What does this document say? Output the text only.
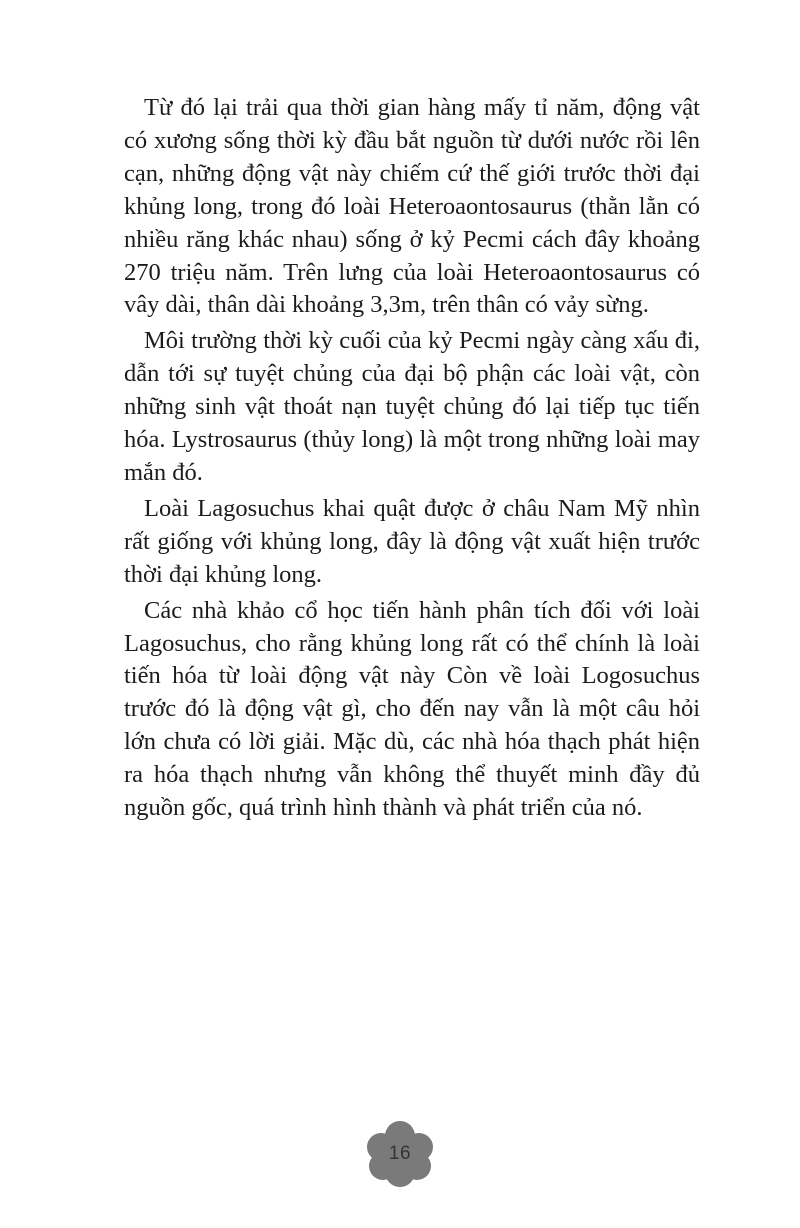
Từ đó lại trải qua thời gian hàng mấy tỉ năm, động vật có xương sống thời kỳ đầu bắt nguồn từ dưới nước rồi lên cạn, những động vật này chiếm cứ thế giới trước thời đại khủng long, trong đó loài Heteroaontosaurus (thằn lằn có nhiều răng khác nhau) sống ở kỷ Pecmi cách đây khoảng 270 triệu năm. Trên lưng của loài Heteroaontosaurus có vây dài, thân dài khoảng 3,3m, trên thân có vảy sừng.

Môi trường thời kỳ cuối của kỷ Pecmi ngày càng xấu đi, dẫn tới sự tuyệt chủng của đại bộ phận các loài vật, còn những sinh vật thoát nạn tuyệt chủng đó lại tiếp tục tiến hóa. Lystrosaurus (thủy long) là một trong những loài may mắn đó.

Loài Lagosuchus khai quật được ở châu Nam Mỹ nhìn rất giống với khủng long, đây là động vật xuất hiện trước thời đại khủng long.

Các nhà khảo cổ học tiến hành phân tích đối với loài Lagosuchus, cho rằng khủng long rất có thể chính là loài tiến hóa từ loài động vật này Còn về loài Logosuchus trước đó là động vật gì, cho đến nay vẫn là một câu hỏi lớn chưa có lời giải. Mặc dù, các nhà hóa thạch phát hiện ra hóa thạch nhưng vẫn không thể thuyết minh đầy đủ nguồn gốc, quá trình hình thành và phát triển của nó.

16
